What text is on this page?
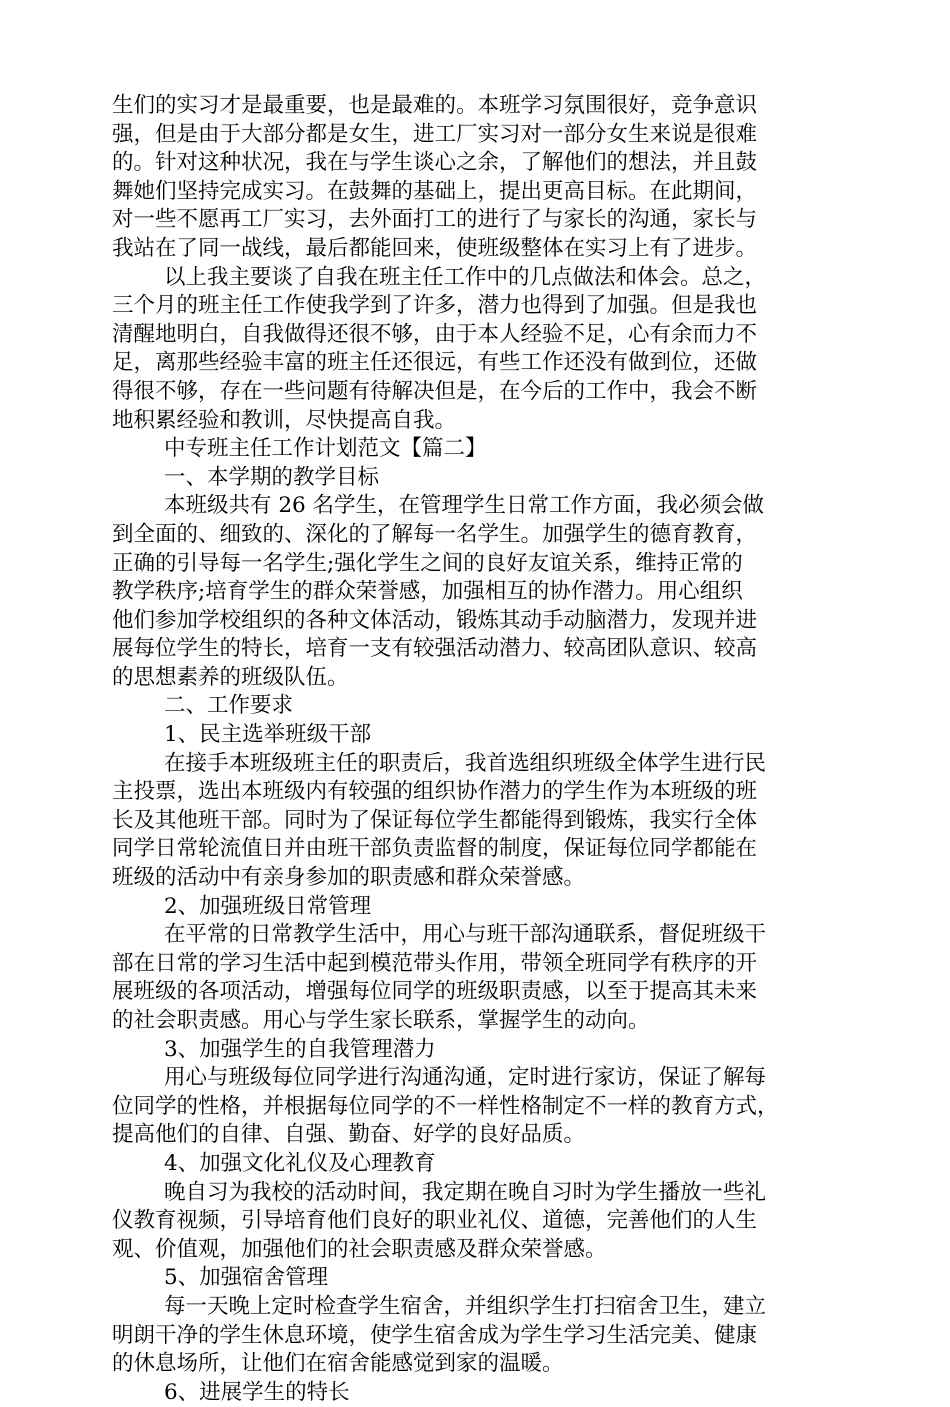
生们的实习才是最重要，也是最难的。本班学习氛围很好，竞争意识
强，但是由于大部分都是女生，进工厂实习对一部分女生来说是很难
的。针对这种状况，我在与学生谈心之余，了解他们的想法，并且鼓
舞她们坚持完成实习。在鼓舞的基础上，提出更高目标。在此期间，
对一些不愿再工厂实习，去外面打工的进行了与家长的沟通，家长与
我站在了同一战线，最后都能回来，使班级整体在实习上有了进步。
以上我主要谈了自我在班主任工作中的几点做法和体会。总之，
三个月的班主任工作使我学到了许多，潜力也得到了加强。但是我也
清醒地明白，自我做得还很不够，由于本人经验不足，心有余而力不
足，离那些经验丰富的班主任还很远，有些工作还没有做到位，还做
得很不够，存在一些问题有待解决但是，在今后的工作中，我会不断
地积累经验和教训，尽快提高自我。
中专班主任工作计划范文【篇二】
一、本学期的教学目标
本班级共有 26 名学生，在管理学生日常工作方面，我必须会做
到全面的、细致的、深化的了解每一名学生。加强学生的德育教育，
正确的引导每一名学生;强化学生之间的良好友谊关系，维持正常的
教学秩序;培育学生的群众荣誉感，加强相互的协作潜力。用心组织
他们参加学校组织的各种文体活动，锻炼其动手动脑潜力，发现并进
展每位学生的特长，培育一支有较强活动潜力、较高团队意识、较高
的思想素养的班级队伍。
二、工作要求
1、民主选举班级干部
在接手本班级班主任的职责后，我首选组织班级全体学生进行民
主投票，选出本班级内有较强的组织协作潜力的学生作为本班级的班
长及其他班干部。同时为了保证每位学生都能得到锻炼，我实行全体
同学日常轮流值日并由班干部负责监督的制度，保证每位同学都能在
班级的活动中有亲身参加的职责感和群众荣誉感。
2、加强班级日常管理
在平常的日常教学生活中，用心与班干部沟通联系，督促班级干
部在日常的学习生活中起到模范带头作用，带领全班同学有秩序的开
展班级的各项活动，增强每位同学的班级职责感，以至于提高其未来
的社会职责感。用心与学生家长联系，掌握学生的动向。
3、加强学生的自我管理潜力
用心与班级每位同学进行沟通沟通，定时进行家访，保证了解每
位同学的性格，并根据每位同学的不一样性格制定不一样的教育方式，
提高他们的自律、自强、勤奋、好学的良好品质。
4、加强文化礼仪及心理教育
晚自习为我校的活动时间，我定期在晚自习时为学生播放一些礼
仪教育视频，引导培育他们良好的职业礼仪、道德，完善他们的人生
观、价值观，加强他们的社会职责感及群众荣誉感。
5、加强宿舍管理
每一天晚上定时检查学生宿舍，并组织学生打扫宿舍卫生，建立
明朗干净的学生休息环境，使学生宿舍成为学生学习生活完美、健康
的休息场所，让他们在宿舍能感觉到家的温暖。
6、进展学生的特长
